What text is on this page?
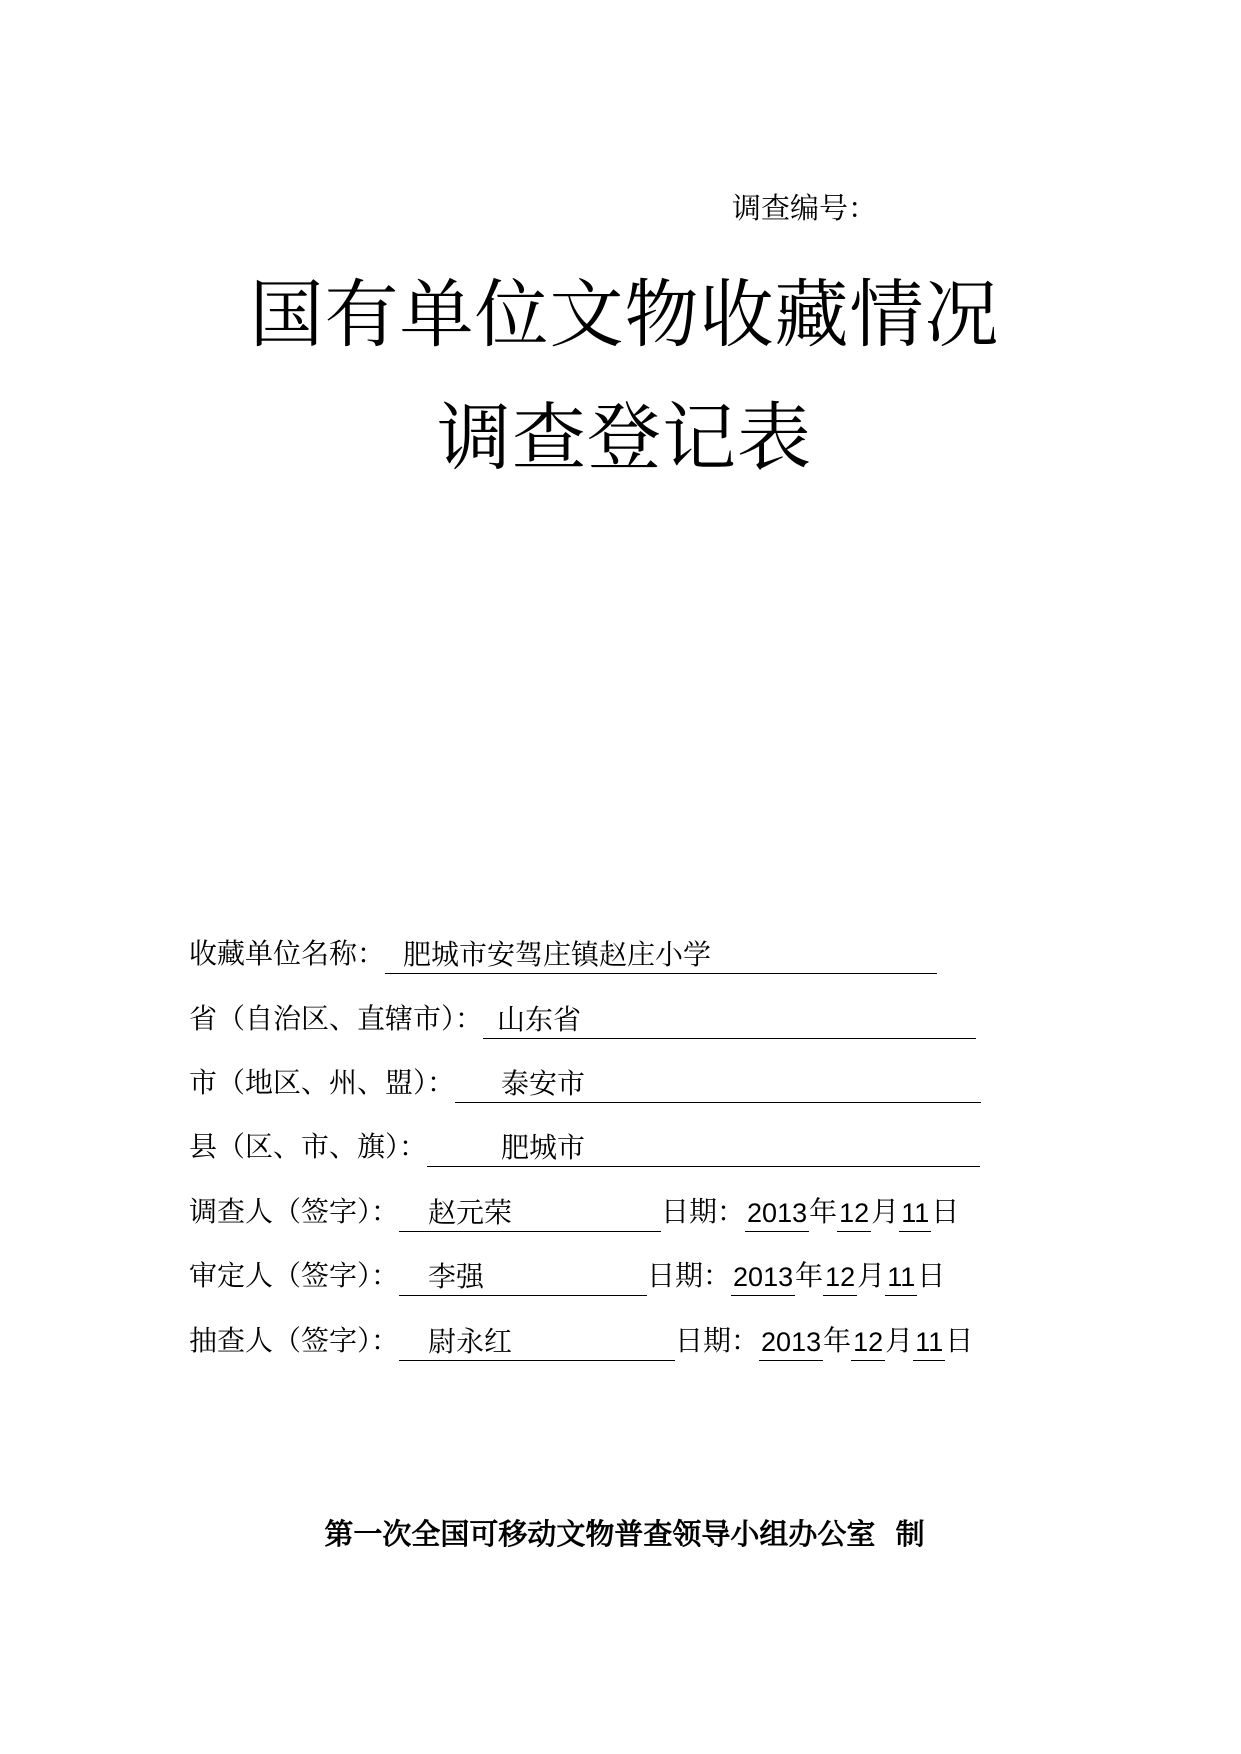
调查编号：
国有单位文物收藏情况
调查登记表
收藏单位名称： 肥城市安驾庄镇赵庄小学
省（自治区、直辖市）： 山东省
市（地区、州、盟）：	泰安市
县（区、市、旗）：	肥城市
调查人（签字）：	赵元荣	日期： 2013 年 12 月 11 日
审定人（签字）：	李强	日期： 2013 年 12 月 11 日
抽查人（签字）：	尉永红	日期： 2013 年 12 月 11 日
第一次全国可移动文物普查领导小组办公室  制
